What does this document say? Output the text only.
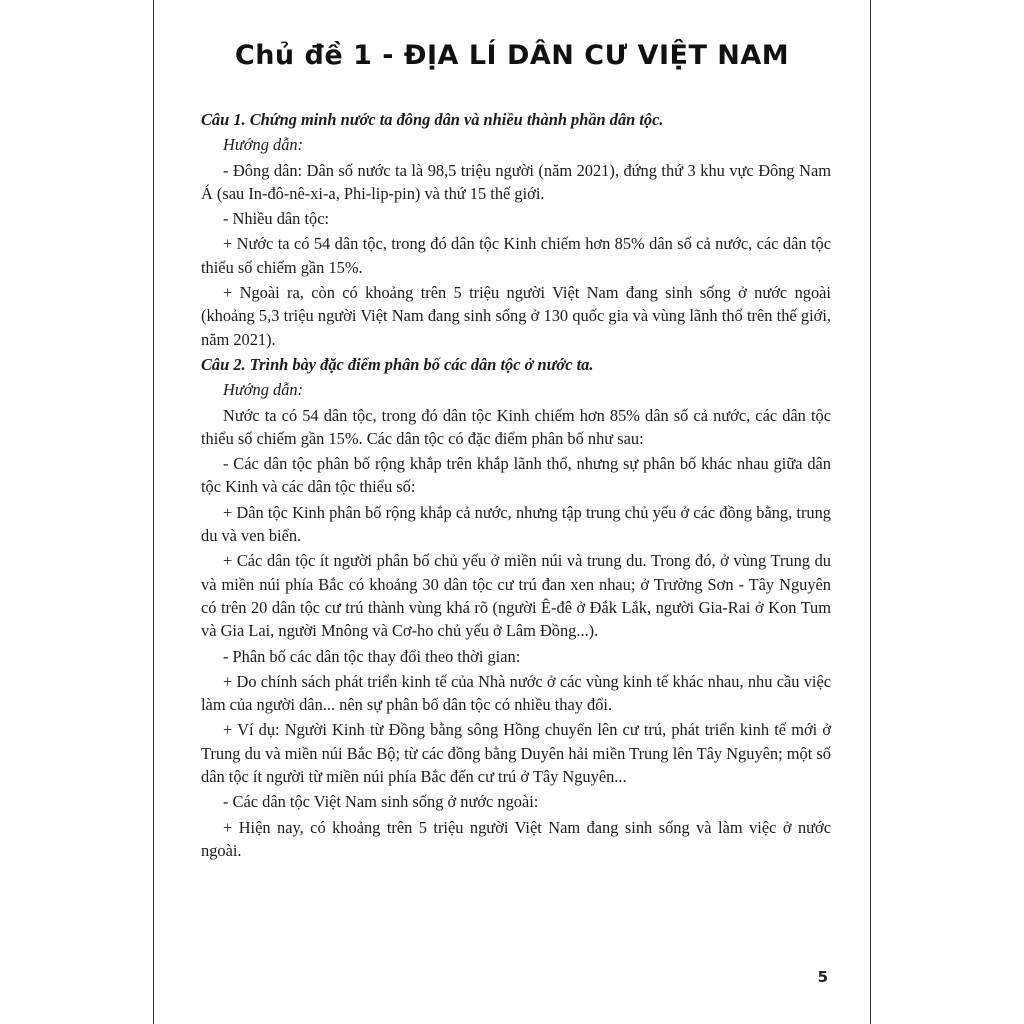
Chủ đề 1 - ĐỊA LÍ DÂN CƯ VIỆT NAM

Câu 1. Chứng minh nước ta đông dân và nhiều thành phần dân tộc.

Hướng dẫn:

- Đông dân: Dân số nước ta là 98,5 triệu người (năm 2021), đứng thứ 3 khu vực Đông Nam Á (sau In-đô-nê-xi-a, Phi-lip-pin) và thứ 15 thế giới.

- Nhiều dân tộc:

+ Nước ta có 54 dân tộc, trong đó dân tộc Kinh chiếm hơn 85% dân số cả nước, các dân tộc thiểu số chiếm gần 15%.

+ Ngoài ra, còn có khoảng trên 5 triệu người Việt Nam đang sinh sống ở nước ngoài (khoảng 5,3 triệu người Việt Nam đang sinh sống ở 130 quốc gia và vùng lãnh thổ trên thế giới, năm 2021).

Câu 2. Trình bày đặc điểm phân bố các dân tộc ở nước ta.

Hướng dẫn:

Nước ta có 54 dân tộc, trong đó dân tộc Kinh chiếm hơn 85% dân số cả nước, các dân tộc thiểu số chiếm gần 15%. Các dân tộc có đặc điểm phân bố như sau:

- Các dân tộc phân bố rộng khắp trên khắp lãnh thổ, nhưng sự phân bố khác nhau giữa dân tộc Kinh và các dân tộc thiểu số:

+ Dân tộc Kinh phân bố rộng khắp cả nước, nhưng tập trung chủ yếu ở các đồng bằng, trung du và ven biển.

+ Các dân tộc ít người phân bố chủ yếu ở miền núi và trung du. Trong đó, ở vùng Trung du và miền núi phía Bắc có khoảng 30 dân tộc cư trú đan xen nhau; ở Trường Sơn - Tây Nguyên có trên 20 dân tộc cư trú thành vùng khá rõ (người Ê-đê ở Đắk Lắk, người Gia-Rai ở Kon Tum và Gia Lai, người Mnông và Cơ-ho chủ yếu ở Lâm Đồng...).

- Phân bố các dân tộc thay đổi theo thời gian:

+ Do chính sách phát triển kinh tế của Nhà nước ở các vùng kinh tế khác nhau, nhu cầu việc làm của người dân... nên sự phân bố dân tộc có nhiều thay đổi.

+ Ví dụ: Người Kinh từ Đồng bằng sông Hồng chuyển lên cư trú, phát triển kinh tế mới ở Trung du và miền núi Bắc Bộ; từ các đồng bằng Duyên hải miền Trung lên Tây Nguyên; một số dân tộc ít người từ miền núi phía Bắc đến cư trú ở Tây Nguyên...

- Các dân tộc Việt Nam sinh sống ở nước ngoài:

+ Hiện nay, có khoảng trên 5 triệu người Việt Nam đang sinh sống và làm việc ở nước ngoài.

5
